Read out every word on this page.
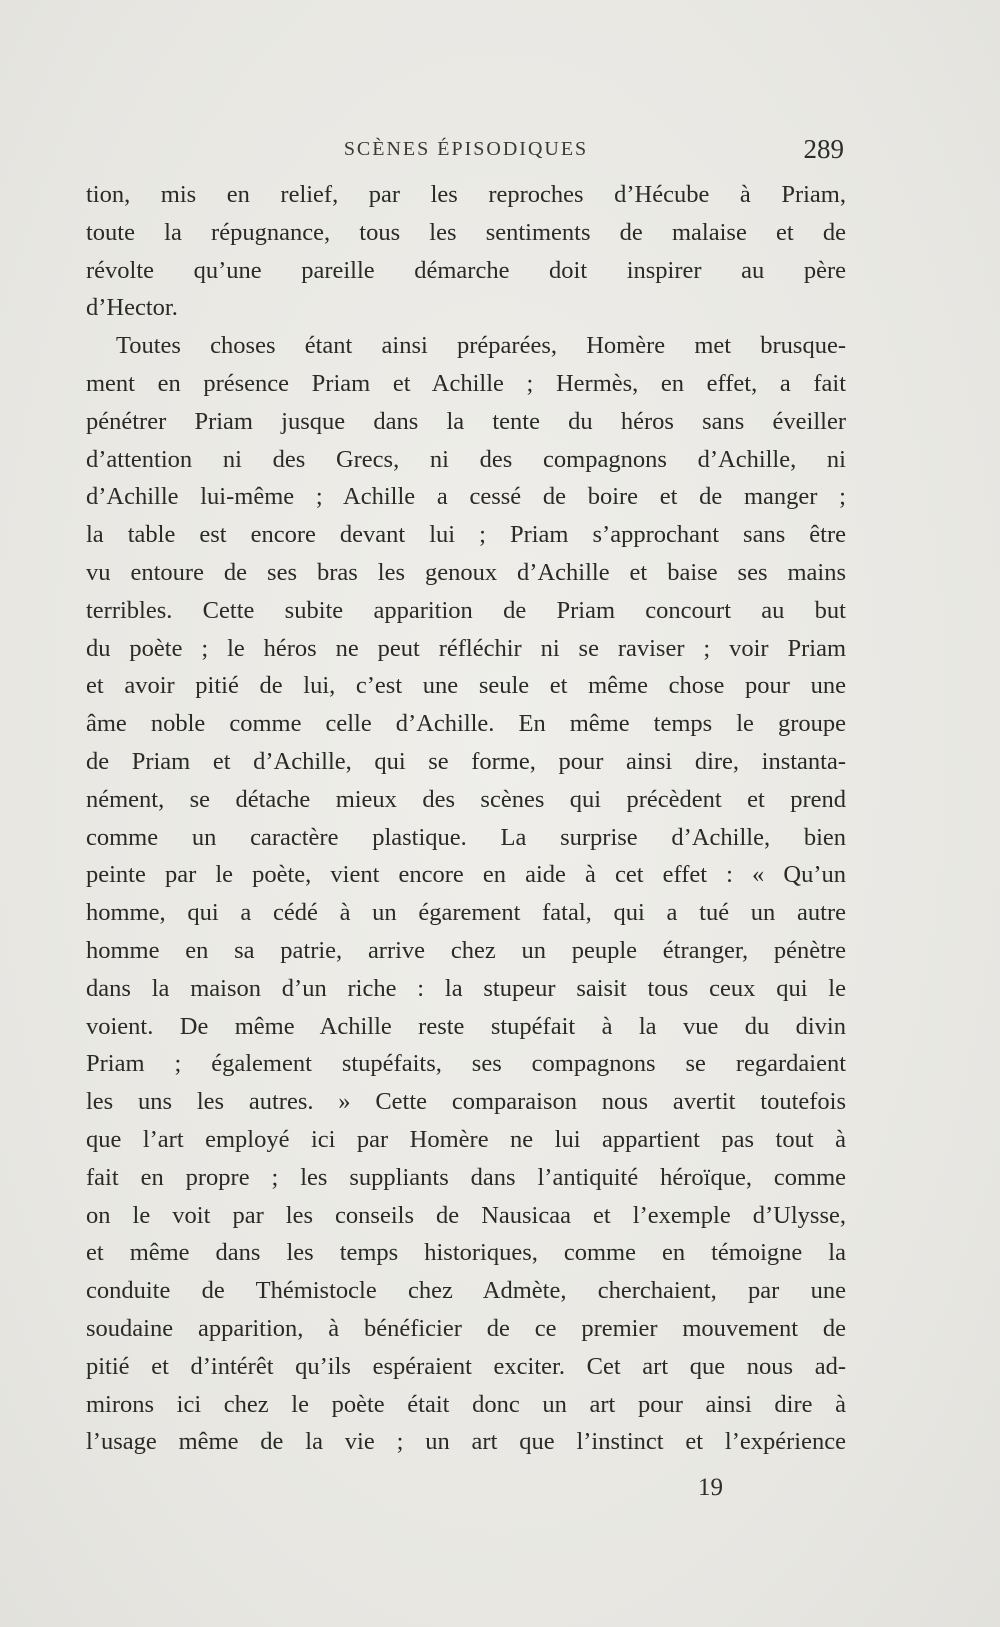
SCÈNES ÉPISODIQUES	289
tion, mis en relief, par les reproches d’Hécube à Priam,
toute la répugnance, tous les sentiments de malaise et de
révolte qu’une pareille démarche doit inspirer au père
d’Hector.
Toutes choses étant ainsi préparées, Homère met brusque-
ment en présence Priam et Achille ; Hermès, en effet, a fait
pénétrer Priam jusque dans la tente du héros sans éveiller
d’attention ni des Grecs, ni des compagnons d’Achille, ni
d’Achille lui-même ; Achille a cessé de boire et de manger ;
la table est encore devant lui ; Priam s’approchant sans être
vu entoure de ses bras les genoux d’Achille et baise ses mains
terribles. Cette subite apparition de Priam concourt au but
du poète ; le héros ne peut réfléchir ni se raviser ; voir Priam
et avoir pitié de lui, c’est une seule et même chose pour une
âme noble comme celle d’Achille. En même temps le groupe
de Priam et d’Achille, qui se forme, pour ainsi dire, instanta-
nément, se détache mieux des scènes qui précèdent et prend
comme un caractère plastique. La surprise d’Achille, bien
peinte par le poète, vient encore en aide à cet effet : « Qu’un
homme, qui a cédé à un égarement fatal, qui a tué un autre
homme en sa patrie, arrive chez un peuple étranger, pénètre
dans la maison d’un riche : la stupeur saisit tous ceux qui le
voient. De même Achille reste stupéfait à la vue du divin
Priam ; également stupéfaits, ses compagnons se regardaient
les uns les autres. » Cette comparaison nous avertit toutefois
que l’art employé ici par Homère ne lui appartient pas tout à
fait en propre ; les suppliants dans l’antiquité héroïque, comme
on le voit par les conseils de Nausicaa et l’exemple d’Ulysse,
et même dans les temps historiques, comme en témoigne la
conduite de Thémistocle chez Admète, cherchaient, par une
soudaine apparition, à bénéficier de ce premier mouvement de
pitié et d’intérêt qu’ils espéraient exciter. Cet art que nous ad-
mirons ici chez le poète était donc un art pour ainsi dire à
l’usage même de la vie ; un art que l’instinct et l’expérience
19
